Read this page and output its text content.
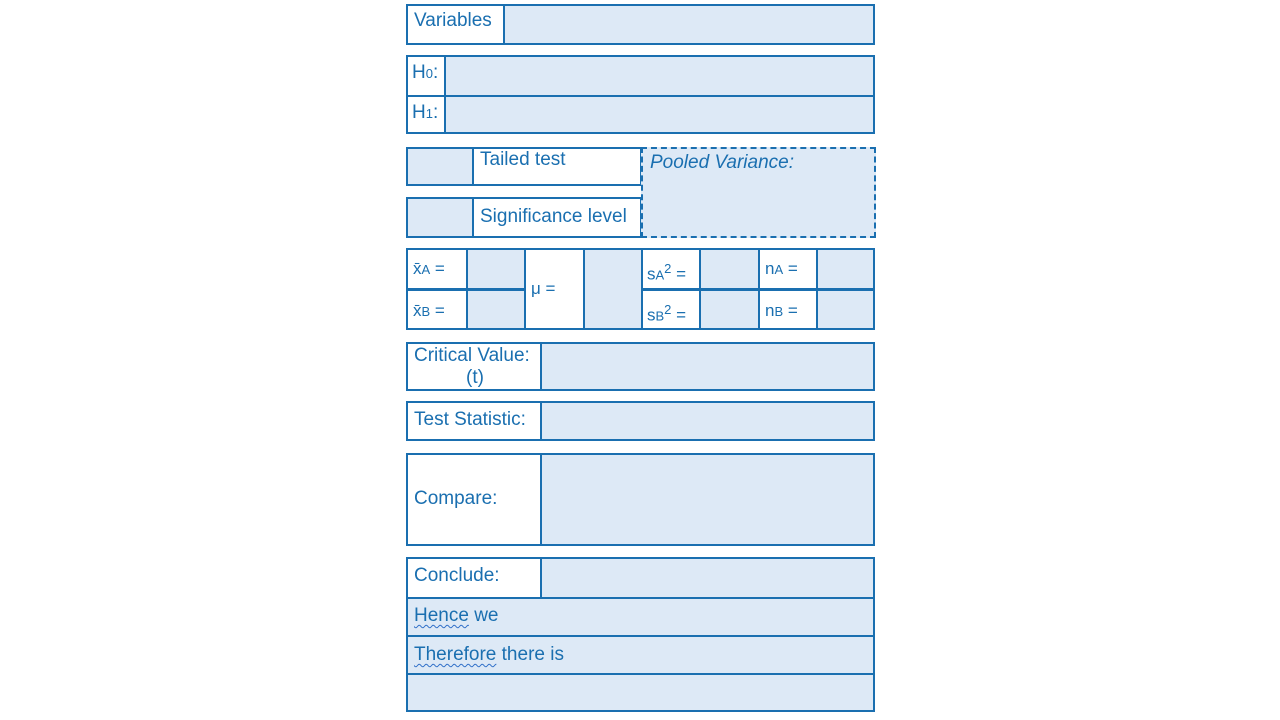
Variables
H0:
H1:
Tailed test
Significance level
Pooled Variance:
x̄A =
x̄B =
μ =
$sA^2$ =
$sB^2$ =
nA =
nB =
Critical Value:
(t)
Test Statistic:
Compare:
Conclude:
Hence we
Therefore there is
